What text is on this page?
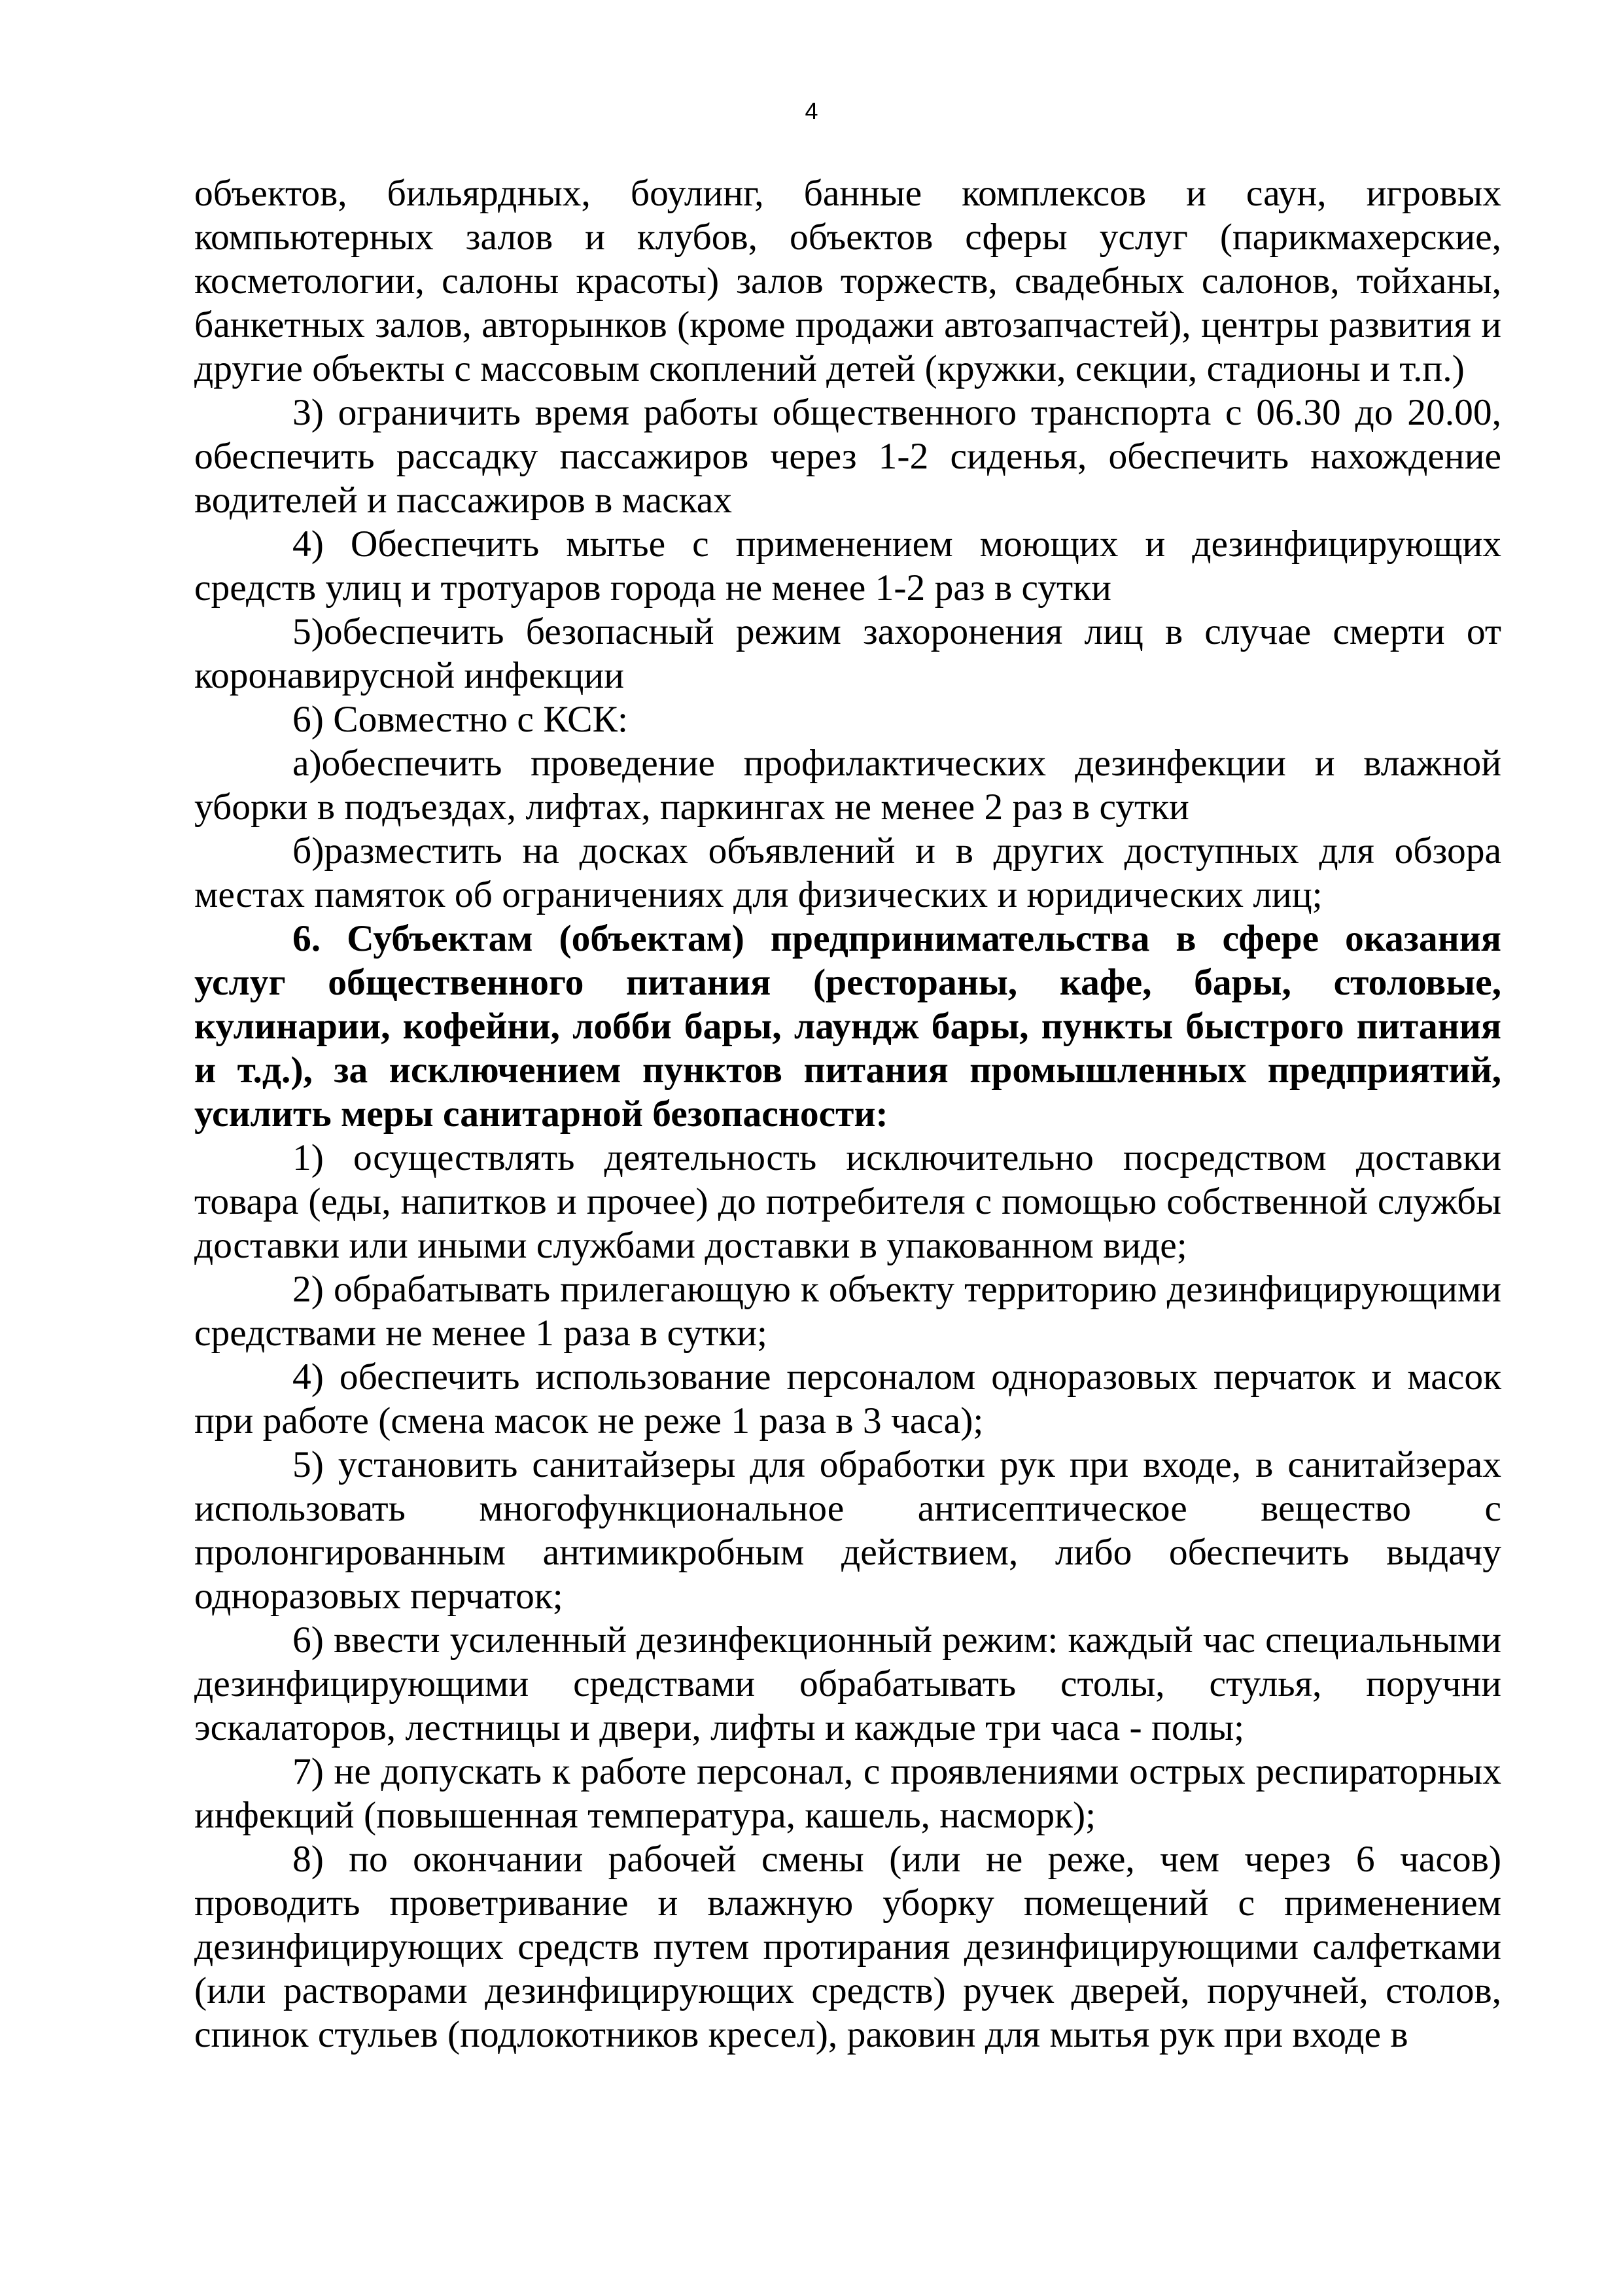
4

объектов, бильярдных, боулинг, банные комплексов и саун, игровых компьютерных залов и клубов, объектов сферы услуг (парикмахерские, косметологии, салоны красоты) залов торжеств, свадебных салонов, тойханы, банкетных залов, авторынков (кроме продажи автозапчастей), центры развития и другие объекты с массовым скоплений детей (кружки, секции, стадионы и т.п.)

3) ограничить время работы общественного транспорта с 06.30 до 20.00, обеспечить рассадку пассажиров через 1-2 сиденья, обеспечить нахождение водителей и пассажиров в масках

4) Обеспечить мытье с применением моющих и дезинфицирующих средств улиц и тротуаров города не менее 1-2 раз в сутки

5)обеспечить безопасный режим захоронения лиц в случае смерти от коронавирусной инфекции

6) Совместно с КСК:

а)обеспечить проведение профилактических дезинфекции и влажной уборки в подъездах, лифтах, паркингах не менее 2 раз в сутки

б)разместить на досках объявлений и в других доступных для обзора местах памяток об ограничениях для физических и юридических лиц;

6. Субъектам (объектам) предпринимательства в сфере оказания услуг общественного питания (рестораны, кафе, бары, столовые, кулинарии, кофейни, лобби бары, лаундж бары, пункты быстрого питания и т.д.), за исключением пунктов питания промышленных предприятий, усилить меры санитарной безопасности:

1) осуществлять деятельность исключительно посредством доставки товара (еды, напитков и прочее) до потребителя с помощью собственной службы доставки или иными службами доставки в упакованном виде;

2) обрабатывать прилегающую к объекту территорию дезинфицирующими средствами не менее 1 раза в сутки;

4) обеспечить использование персоналом одноразовых перчаток и масок при работе (смена масок не реже 1 раза в 3 часа);

5) установить санитайзеры для обработки рук при входе, в санитайзерах использовать многофункциональное антисептическое вещество с пролонгированным антимикробным действием, либо обеспечить выдачу одноразовых перчаток;

6) ввести усиленный дезинфекционный режим: каждый час специальными дезинфицирующими средствами обрабатывать столы, стулья, поручни эскалаторов, лестницы и двери, лифты и каждые три часа - полы;

7) не допускать к работе персонал, с проявлениями острых респираторных инфекций (повышенная температура, кашель, насморк);

8) по окончании рабочей смены (или не реже, чем через 6 часов) проводить проветривание и влажную уборку помещений с применением дезинфицирующих средств путем протирания дезинфицирующими салфетками (или растворами дезинфицирующих средств) ручек дверей, поручней, столов, спинок стульев (подлокотников кресел), раковин для мытья рук при входе в
